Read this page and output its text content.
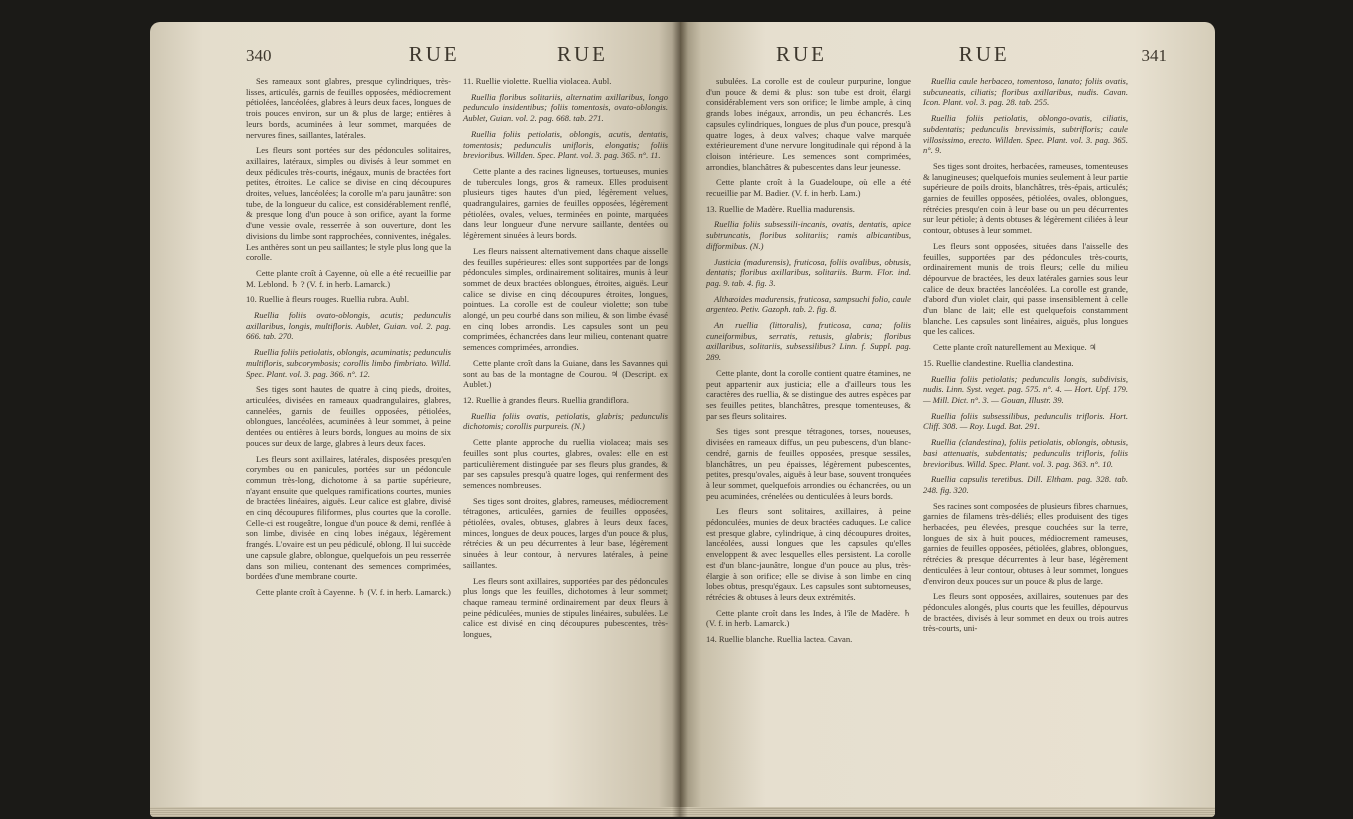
340	RUE	RUE

Ses rameaux sont glabres, presque cylindriques, très-lisses, articulés, garnis de feuilles opposées, médiocrement pétiolées, lancéolées, glabres à leurs deux faces, longues de trois pouces environ, sur un & plus de large; entières à leurs bords, acuminées à leur sommet, marquées de nervures fines, saillantes, latérales.

Les fleurs sont portées sur des pédoncules solitaires, axillaires, latéraux, simples ou divisés à leur sommet en deux pédicules très-courts, inégaux, munis de bractées fort petites, étroites. Le calice se divise en cinq découpures droites, velues, lancéolées; la corolle m'a paru jaunâtre: son tube, de la longueur du calice, est considérablement renflé, & presque long d'un pouce à son orifice, ayant la forme d'une vessie ovale, resserrée à son ouverture, dont les divisions du limbe sont rapprochées, conniventes, inégales. Les anthères sont un peu saillantes; le style plus long que la corolle.

Cette plante croît à Cayenne, où elle a été recueillie par M. Leblond. ♄ ? (V. f. in herb. Lamarck.)

10. Ruellie à fleurs rouges. Ruellia rubra. Aubl.

Ruellia foliis ovato-oblongis, acutis; pedunculis axillaribus, longis, multifloris. Aublet, Guian. vol. 2. pag. 666. tab. 270.

Ruellia foliis petiolatis, oblongis, acuminatis; pedunculis multifloris, subcorymbosis; corollis limbo fimbriato. Willd. Spec. Plant. vol. 3. pag. 366. n°. 12.

Ses tiges sont hautes de quatre à cinq pieds, droites, articulées, divisées en rameaux quadrangulaires, glabres, cannelées, garnis de feuilles opposées, pétiolées, oblongues, lancéolées, acuminées à leur sommet, à peine dentées ou entières à leurs bords, longues au moins de six pouces sur deux de large, glabres à leurs deux faces.

Les fleurs sont axillaires, latérales, disposées presqu'en corymbes ou en panicules, portées sur un pédoncule commun très-long, dichotome à sa partie supérieure, n'ayant ensuite que quelques ramifications courtes, munies de bractées linéaires, aiguës. Leur calice est glabre, divisé en cinq découpures filiformes, plus courtes que la corolle. Celle-ci est rougeâtre, longue d'un pouce & demi, renflée à son limbe, divisée en cinq lobes inégaux, légèrement frangés. L'ovaire est un peu pédiculé, oblong. Il lui succède une capsule glabre, oblongue, quelquefois un peu resserrée dans son milieu, contenant des semences comprimées, bordées d'une membrane courte.

Cette plante croît à Cayenne. ♄ (V. f. in herb. Lamarck.)

11. Ruellie violette. Ruellia violacea. Aubl.

Ruellia floribus solitariis, alternatim axillaribus, longo pedunculo insidentibus; foliis tomentosis, ovato-oblongis. Aublet, Guian. vol. 2. pag. 668. tab. 271.

Ruellia foliis petiolatis, oblongis, acutis, dentatis, tomentosis; pedunculis unifloris, elongatis; foliis brevioribus. Willden. Spec. Plant. vol. 3. pag. 365. n°. 11.

Cette plante a des racines ligneuses, tortueuses, munies de tubercules longs, gros & rameux. Elles produisent plusieurs tiges hautes d'un pied, légèrement velues, quadrangulaires, garnies de feuilles opposées, légèrement pétiolées, ovales, velues, terminées en pointe, marquées dans leur longueur d'une nervure saillante, dentées ou légèrement sinuées à leurs bords.

Les fleurs naissent alternativement dans chaque aisselle des feuilles supérieures: elles sont supportées par de longs pédoncules simples, ordinairement solitaires, munis à leur sommet de deux bractées oblongues, étroites, aiguës. Leur calice se divise en cinq découpures étroites, longues, pointues. La corolle est de couleur violette; son tube alongé, un peu courbé dans son milieu, & son limbe évasé en cinq lobes arrondis. Les capsules sont un peu comprimées, échancrées dans leur milieu, contenant quatre semences comprimées, arrondies.

Cette plante croît dans la Guiane, dans les Savannes qui sont au bas de la montagne de Courou. ♃ (Descript. ex Aublet.)

12. Ruellie à grandes fleurs. Ruellia grandiflora.

Ruellia foliis ovatis, petiolatis, glabris; pedunculis dichotomis; corollis purpureis. (N.)

Cette plante approche du ruellia violacea; mais ses feuilles sont plus courtes, glabres, ovales: elle en est particulièrement distinguée par ses fleurs plus grandes, & par ses capsules presqu'à quatre loges, qui renferment des semences nombreuses.

Ses tiges sont droites, glabres, rameuses, médiocrement tétragones, articulées, garnies de feuilles opposées, pétiolées, ovales, obtuses, glabres à leurs deux faces, minces, longues de deux pouces, larges d'un pouce & plus, rétrécies & un peu décurrentes à leur base, légèrement sinuées à leur contour, à nervures latérales, à peine saillantes.

Les fleurs sont axillaires, supportées par des pédoncules plus longs que les feuilles, dichotomes à leur sommet; chaque rameau terminé ordinairement par deux fleurs à peine pédiculées, munies de stipules linéaires, subulées. Le calice est divisé en cinq découpures pubescentes, très-longues,

RUE	RUE	341

subulées. La corolle est de couleur purpurine, longue d'un pouce & demi & plus: son tube est droit, élargi considérablement vers son orifice; le limbe ample, à cinq grands lobes inégaux, arrondis, un peu échancrés. Les capsules cylindriques, longues de plus d'un pouce, presqu'à quatre loges, à deux valves; chaque valve marquée extérieurement d'une nervure longitudinale qui répond à la cloison intérieure. Les semences sont comprimées, arrondies, blanchâtres & pubescentes dans leur jeunesse.

Cette plante croît à la Guadeloupe, où elle a été recueillie par M. Badier. (V. f. in herb. Lam.)

13. Ruellie de Madère. Ruellia madurensis.

Ruellia foliis subsessili-incanis, ovatis, dentatis, apice subtruncatis, floribus solitariis; ramis albicantibus, difformibus. (N.)

Justicia (madurensis), fruticosa, foliis ovalibus, obtusis, dentatis; floribus axillaribus, solitariis. Burm. Flor. ind. pag. 9. tab. 4. fig. 3.

Althæoides madurensis, fruticosa, sampsuchi folio, caule argenteo. Petiv. Gazoph. tab. 2. fig. 8.

An ruellia (littoralis), fruticosa, cana; foliis cuneiformibus, serratis, retusis, glabris; floribus axillaribus, solitariis, subsessilibus? Linn. f. Suppl. pag. 289.

Cette plante, dont la corolle contient quatre étamines, ne peut appartenir aux justicia; elle a d'ailleurs tous les caractères des ruellia, & se distingue des autres espèces par ses feuilles petites, blanchâtres, presque tomenteuses, & par ses fleurs solitaires.

Ses tiges sont presque tétragones, torses, noueuses, divisées en rameaux diffus, un peu pubescens, d'un blanc-cendré, garnis de feuilles opposées, presque sessiles, blanchâtres, un peu épaisses, légèrement pubescentes, petites, presqu'ovales, aiguës à leur base, souvent tronquées à leur sommet, quelquefois arrondies ou échancrées, ou un peu acuminées, crénelées ou denticulées à leurs bords.

Les fleurs sont solitaires, axillaires, à peine pédonculées, munies de deux bractées caduques. Le calice est presque glabre, cylindrique, à cinq découpures droites, lancéolées, aussi longues que les capsules qu'elles enveloppent & avec lesquelles elles persistent. La corolle est d'un blanc-jaunâtre, longue d'un pouce au plus, très-élargie à son orifice; elle se divise à son limbe en cinq lobes obtus, presqu'égaux. Les capsules sont subtorneuses, rétrécies & obtuses à leurs deux extrémités.

Cette plante croît dans les Indes, à l'île de Madère. ♄ (V. f. in herb. Lamarck.)

14. Ruellie blanche. Ruellia lactea. Cavan.

Ruellia caule herbaceo, tomentoso, lanato; foliis ovatis, subcuneatis, ciliatis; floribus axillaribus, nudis. Cavan. Icon. Plant. vol. 3. pag. 28. tab. 255.

Ruellia foliis petiolatis, oblongo-ovatis, ciliatis, subdentatis; pedunculis brevissimis, subtrifloris; caule villosissimo, erecto. Willden. Spec. Plant. vol. 3. pag. 365. n°. 9.

Ses tiges sont droites, herbacées, rameuses, tomenteuses & lanugineuses; quelquefois munies seulement à leur partie supérieure de poils droits, blanchâtres, très-épais, articulés; garnies de feuilles opposées, pétiolées, ovales, oblongues, rétrécies presqu'en coin à leur base ou un peu décurrentes sur leur pétiole; à dents obtuses & légèrement ciliées à leur contour, obtuses à leur sommet.

Les fleurs sont opposées, situées dans l'aisselle des feuilles, supportées par des pédoncules très-courts, ordinairement munis de trois fleurs; celle du milieu dépourvue de bractées, les deux latérales garnies sous leur calice de deux bractées lancéolées. La corolle est grande, d'abord d'un violet clair, qui passe insensiblement à celle d'un blanc de lait; elle est quelquefois constamment blanche. Les capsules sont linéaires, aiguës, plus longues que les calices.

Cette plante croît naturellement au Mexique. ♃

15. Ruellie clandestine. Ruellia clandestina.

Ruellia foliis petiolatis; pedunculis longis, subdivisis, nudis. Linn. Syst. veget. pag. 575. n°. 4. — Hort. Upf. 179. — Mill. Dict. n°. 3. — Gouan, Illustr. 39.

Ruellia foliis subsessilibus, pedunculis trifloris. Hort. Cliff. 308. — Roy. Lugd. Bat. 291.

Ruellia (clandestina), foliis petiolatis, oblongis, obtusis, basi attenuatis, subdentatis; pedunculis trifloris, foliis brevioribus. Willd. Spec. Plant. vol. 3. pag. 363. n°. 10.

Ruellia capsulis teretibus. Dill. Eltham. pag. 328. tab. 248. fig. 320.

Ses racines sont composées de plusieurs fibres charnues, garnies de filamens très-déliés; elles produisent des tiges herbacées, peu élevées, presque couchées sur la terre, longues de six à huit pouces, médiocrement rameuses, garnies de feuilles opposées, pétiolées, glabres, oblongues, rétrécies & presque décurrentes à leur base, légèrement denticulées à leur contour, obtuses à leur sommet, longues d'environ deux pouces sur un pouce & plus de large.

Les fleurs sont opposées, axillaires, soutenues par des pédoncules alongés, plus courts que les feuilles, dépourvus de bractées, divisés à leur sommet en deux ou trois autres très-courts, uni-
